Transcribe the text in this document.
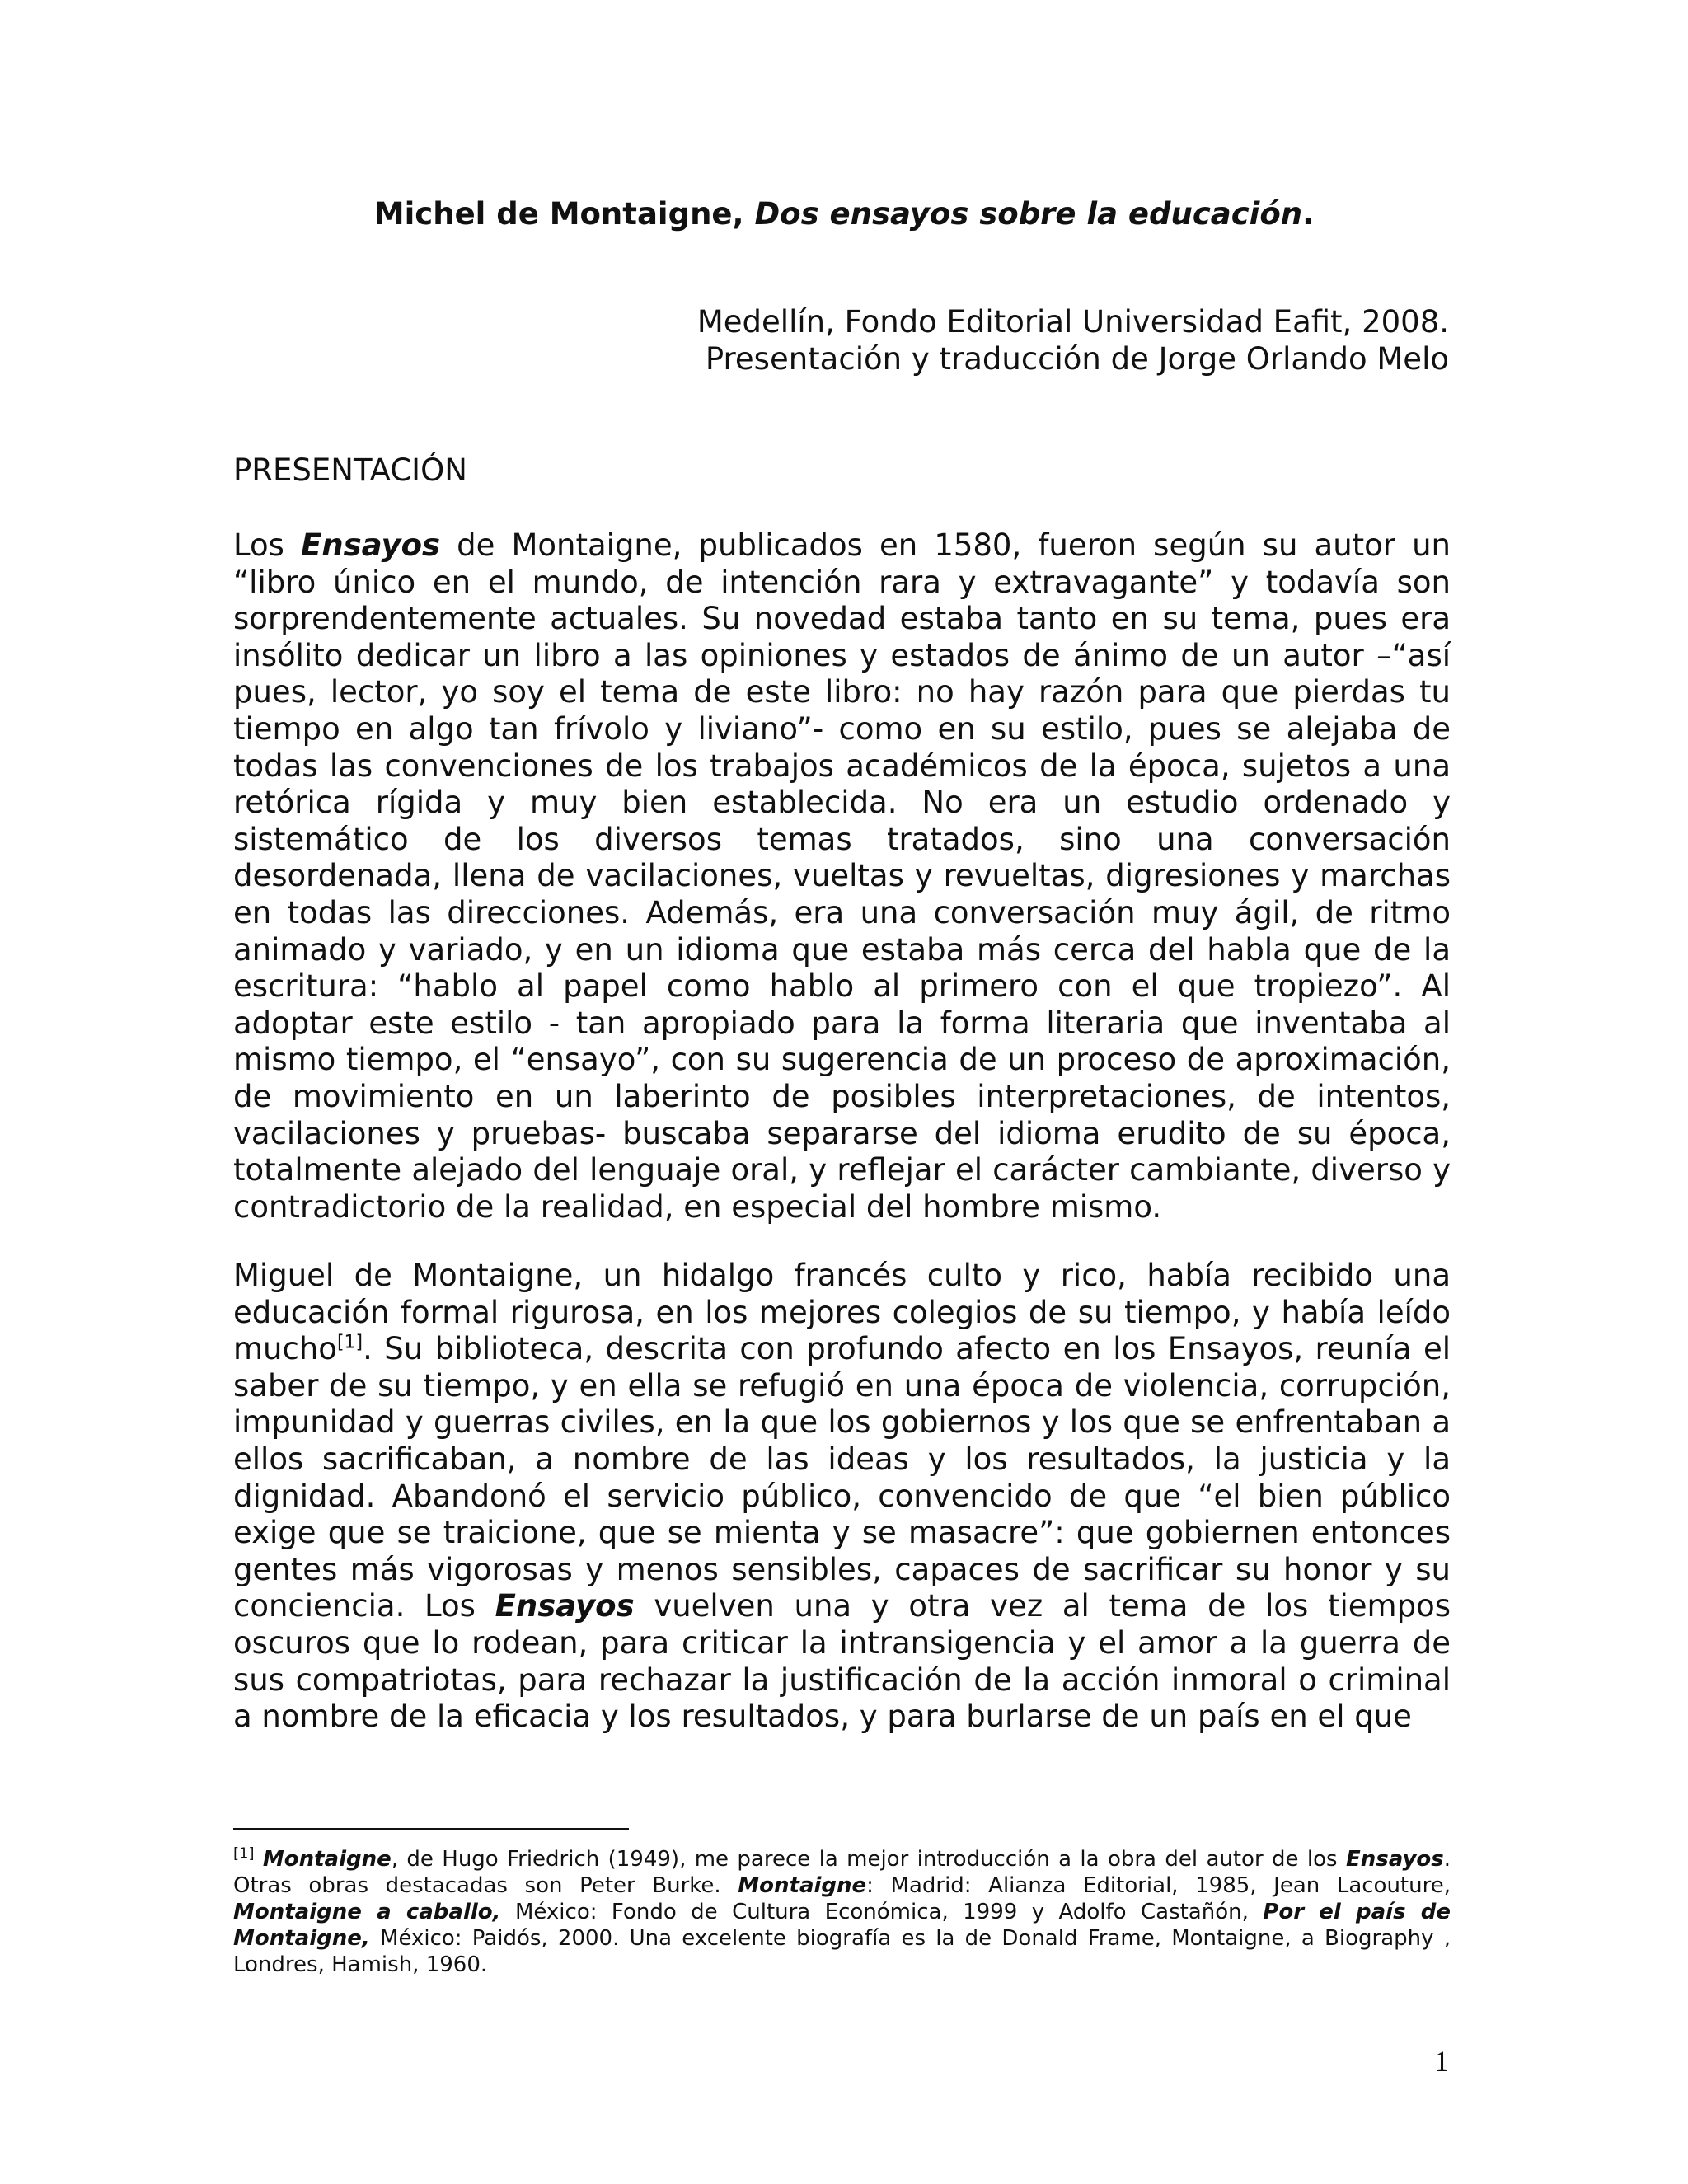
Michel de Montaigne, Dos ensayos sobre la educación.
Medellín, Fondo Editorial Universidad Eafit, 2008.
Presentación y traducción de Jorge Orlando Melo
PRESENTACIÓN

Los Ensayos de Montaigne, publicados en 1580, fueron según su autor un “libro único en el mundo, de intención rara y extravagante” y todavía son sorprendentemente actuales. Su novedad estaba tanto en su tema, pues era insólito dedicar un libro a las opiniones y estados de ánimo de un autor –“así pues, lector, yo soy el tema de este libro: no hay razón para que pierdas tu tiempo en algo tan frívolo y liviano”- como en su estilo, pues se alejaba de todas las convenciones de los trabajos académicos de la época, sujetos a una retórica rígida y muy bien establecida. No era un estudio ordenado y sistemático de los diversos temas tratados, sino una conversación desordenada, llena de vacilaciones, vueltas y revueltas, digresiones y marchas en todas las direcciones. Además, era una conversación muy ágil, de ritmo animado y variado, y en un idioma que estaba más cerca del habla que de la escritura: “hablo al papel como hablo al primero con el que tropiezo”. Al adoptar este estilo - tan apropiado para la forma literaria que inventaba al mismo tiempo, el “ensayo”, con su sugerencia de un proceso de aproximación, de movimiento en un laberinto de posibles interpretaciones, de intentos, vacilaciones y pruebas- buscaba separarse del idioma erudito de su época, totalmente alejado del lenguaje oral, y reflejar el carácter cambiante, diverso y contradictorio de la realidad, en especial del hombre mismo.

Miguel de Montaigne, un hidalgo francés culto y rico, había recibido una educación formal rigurosa, en los mejores colegios de su tiempo, y había leído mucho[1]. Su biblioteca, descrita con profundo afecto en los Ensayos, reunía el saber de su tiempo, y en ella se refugió en una época de violencia, corrupción, impunidad y guerras civiles, en la que los gobiernos y los que se enfrentaban a ellos sacrificaban, a nombre de las ideas y los resultados, la justicia y la dignidad. Abandonó el servicio público, convencido de que “el bien público exige que se traicione, que se mienta y se masacre”: que gobiernen entonces gentes más vigorosas y menos sensibles, capaces de sacrificar su honor y su conciencia. Los Ensayos vuelven una y otra vez al tema de los tiempos oscuros que lo rodean, para criticar la intransigencia y el amor a la guerra de sus compatriotas, para rechazar la justificación de la acción inmoral o criminal a nombre de la eficacia y los resultados, y para burlarse de un país en el que

[1] Montaigne, de Hugo Friedrich (1949), me parece la mejor introducción a la obra del autor de los Ensayos. Otras obras destacadas son Peter Burke. Montaigne: Madrid: Alianza Editorial, 1985, Jean Lacouture, Montaigne a caballo, México: Fondo de Cultura Económica, 1999 y Adolfo Castañón, Por el país de Montaigne, México: Paidós, 2000. Una excelente biografía es la de Donald Frame, Montaigne, a Biography , Londres, Hamish, 1960.

1
